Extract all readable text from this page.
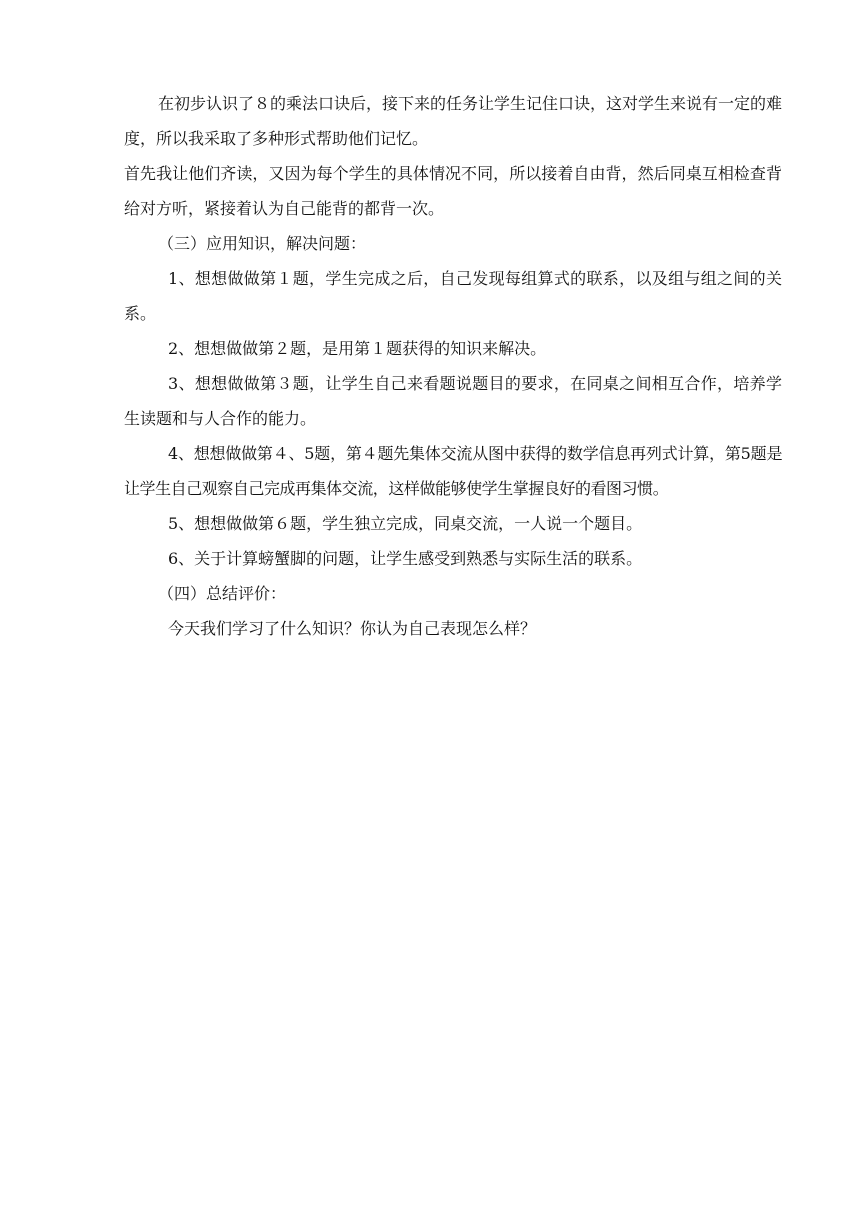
在初步认识了８的乘法口诀后，接下来的任务让学生记住口诀，这对学生来说有一定的难度，所以我采取了多种形式帮助他们记忆。

首先我让他们齐读，又因为每个学生的具体情况不同，所以接着自由背，然后同桌互相检查背给对方听，紧接着认为自己能背的都背一次。

（三）应用知识，解决问题：

1、想想做做第１题，学生完成之后，自己发现每组算式的联系，以及组与组之间的关系。

2、想想做做第２题，是用第１题获得的知识来解决。

3、想想做做第３题，让学生自己来看题说题目的要求，在同桌之间相互合作，培养学生读题和与人合作的能力。

4、想想做做第４、5题，第４题先集体交流从图中获得的数学信息再列式计算，第5题是让学生自己观察自己完成再集体交流，这样做能够使学生掌握良好的看图习惯。

5、想想做做第６题，学生独立完成，同桌交流，一人说一个题目。

6、关于计算螃蟹脚的问题，让学生感受到熟悉与实际生活的联系。

（四）总结评价：

今天我们学习了什么知识？你认为自己表现怎么样？
